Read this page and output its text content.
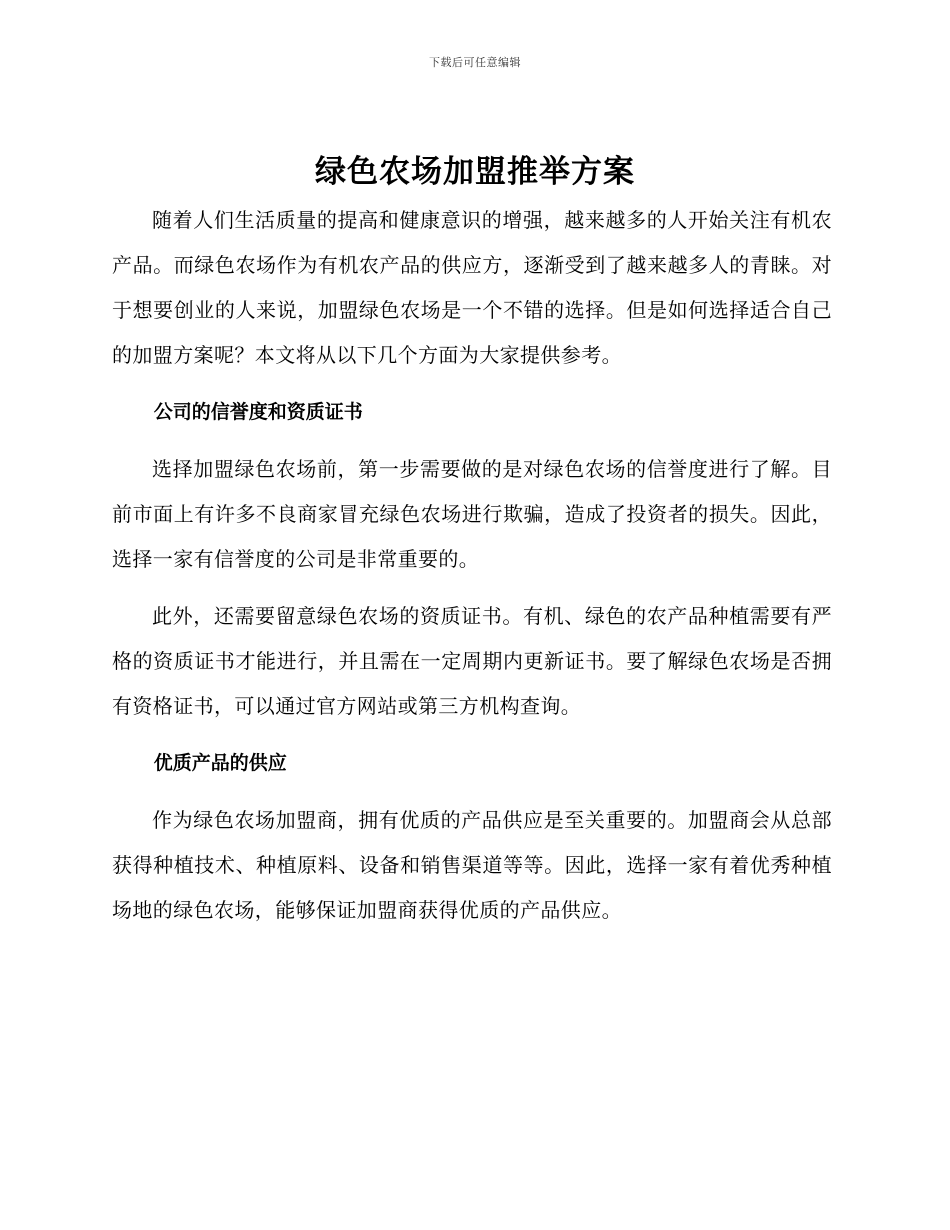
下载后可任意编辑
绿色农场加盟推举方案

随着人们生活质量的提高和健康意识的增强，越来越多的人开始关注有机农产品。而绿色农场作为有机农产品的供应方，逐渐受到了越来越多人的青睐。对于想要创业的人来说，加盟绿色农场是一个不错的选择。但是如何选择适合自己的加盟方案呢？本文将从以下几个方面为大家提供参考。

公司的信誉度和资质证书

选择加盟绿色农场前，第一步需要做的是对绿色农场的信誉度进行了解。目前市面上有许多不良商家冒充绿色农场进行欺骗，造成了投资者的损失。因此，选择一家有信誉度的公司是非常重要的。

此外，还需要留意绿色农场的资质证书。有机、绿色的农产品种植需要有严格的资质证书才能进行，并且需在一定周期内更新证书。要了解绿色农场是否拥有资格证书，可以通过官方网站或第三方机构查询。

优质产品的供应

作为绿色农场加盟商，拥有优质的产品供应是至关重要的。加盟商会从总部获得种植技术、种植原料、设备和销售渠道等等。因此，选择一家有着优秀种植场地的绿色农场，能够保证加盟商获得优质的产品供应。
